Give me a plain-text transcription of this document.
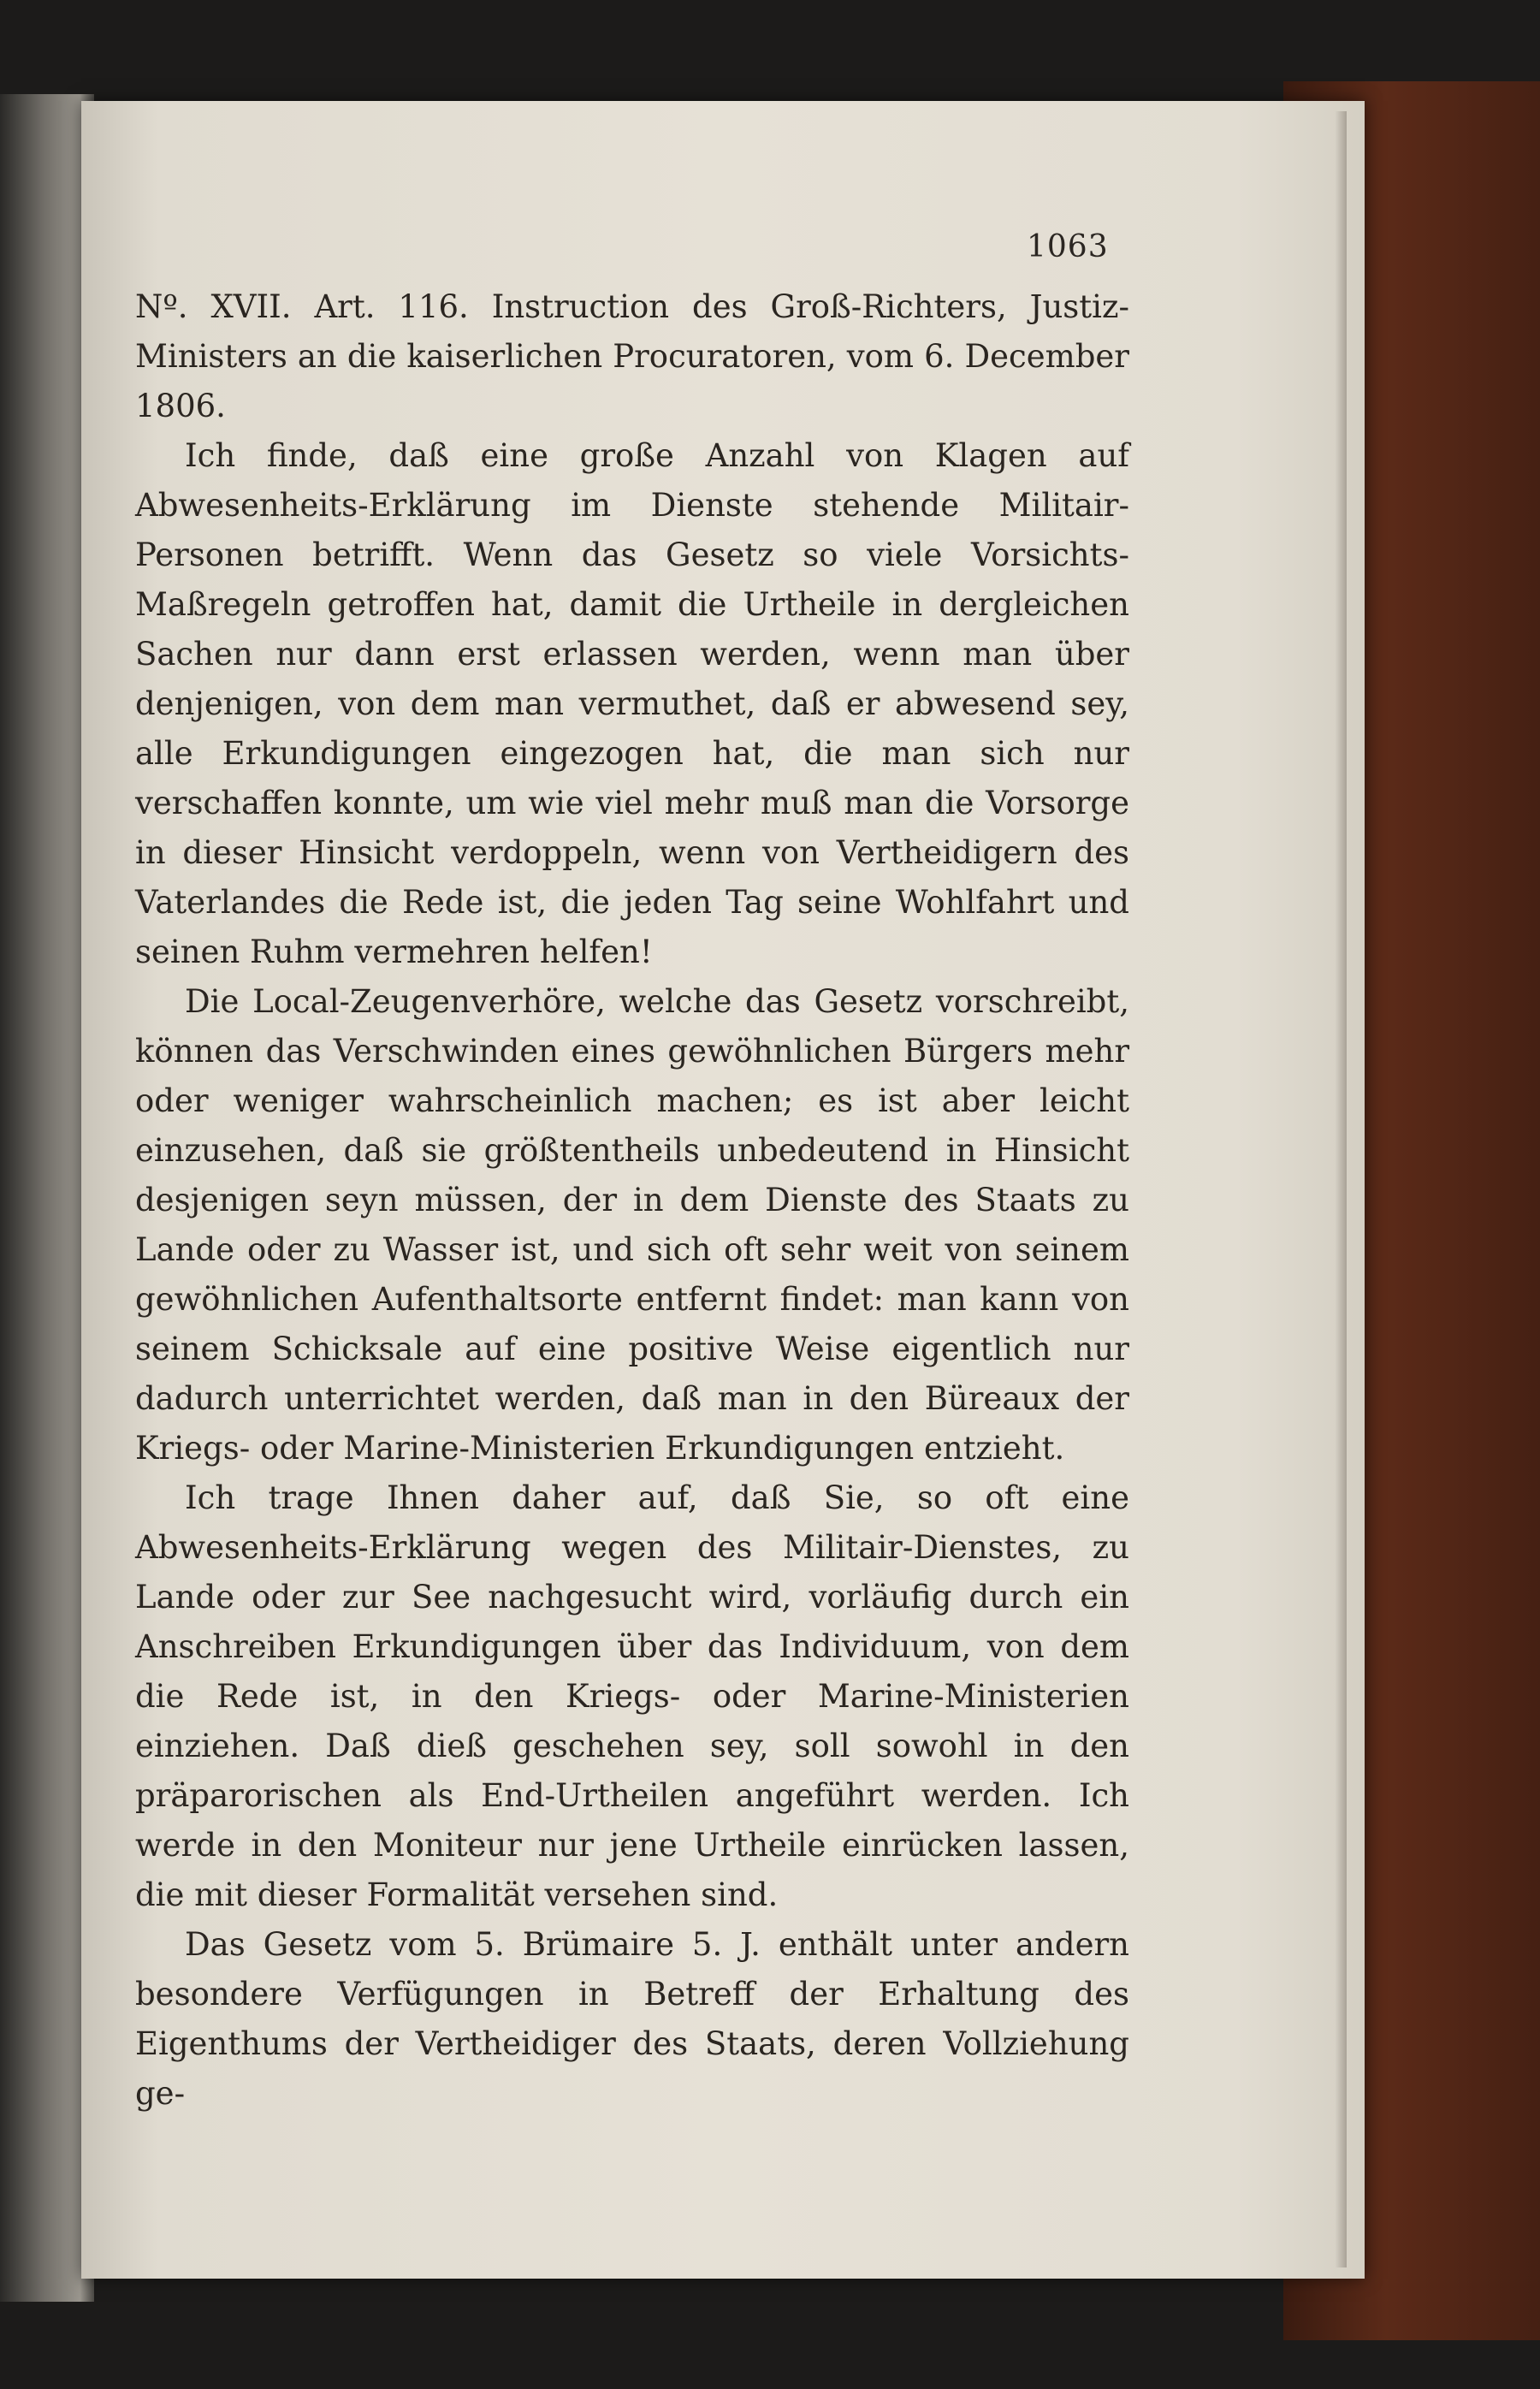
1063

Nº. XVII. Art. 116. Instruction des Groß-Richters, Justiz-Ministers an die kaiserlichen Procuratoren, vom 6. December 1806.

Ich finde, daß eine große Anzahl von Klagen auf Abwesenheits-Erklärung im Dienste stehende Militair-Personen betrifft. Wenn das Gesetz so viele Vorsichts-Maßregeln getroffen hat, damit die Urtheile in dergleichen Sachen nur dann erst erlassen werden, wenn man über denjenigen, von dem man vermuthet, daß er abwesend sey, alle Erkundigungen eingezogen hat, die man sich nur verschaffen konnte, um wie viel mehr muß man die Vorsorge in dieser Hinsicht verdoppeln, wenn von Vertheidigern des Vaterlandes die Rede ist, die jeden Tag seine Wohlfahrt und seinen Ruhm vermehren helfen!

Die Local-Zeugenverhöre, welche das Gesetz vorschreibt, können das Verschwinden eines gewöhnlichen Bürgers mehr oder weniger wahrscheinlich machen; es ist aber leicht einzusehen, daß sie größtentheils unbedeutend in Hinsicht desjenigen seyn müssen, der in dem Dienste des Staats zu Lande oder zu Wasser ist, und sich oft sehr weit von seinem gewöhnlichen Aufenthaltsorte entfernt findet: man kann von seinem Schicksale auf eine positive Weise eigentlich nur dadurch unterrichtet werden, daß man in den Büreaux der Kriegs- oder Marine-Ministerien Erkundigungen entzieht.

Ich trage Ihnen daher auf, daß Sie, so oft eine Abwesenheits-Erklärung wegen des Militair-Dienstes, zu Lande oder zur See nachgesucht wird, vorläufig durch ein Anschreiben Erkundigungen über das Individuum, von dem die Rede ist, in den Kriegs- oder Marine-Ministerien einziehen. Daß dieß geschehen sey, soll sowohl in den präparorischen als End-Urtheilen angeführt werden. Ich werde in den Moniteur nur jene Urtheile einrücken lassen, die mit dieser Formalität versehen sind.

Das Gesetz vom 5. Brümaire 5. J. enthält unter andern besondere Verfügungen in Betreff der Erhaltung des Eigenthums der Vertheidiger des Staats, deren Vollziehung ge-
